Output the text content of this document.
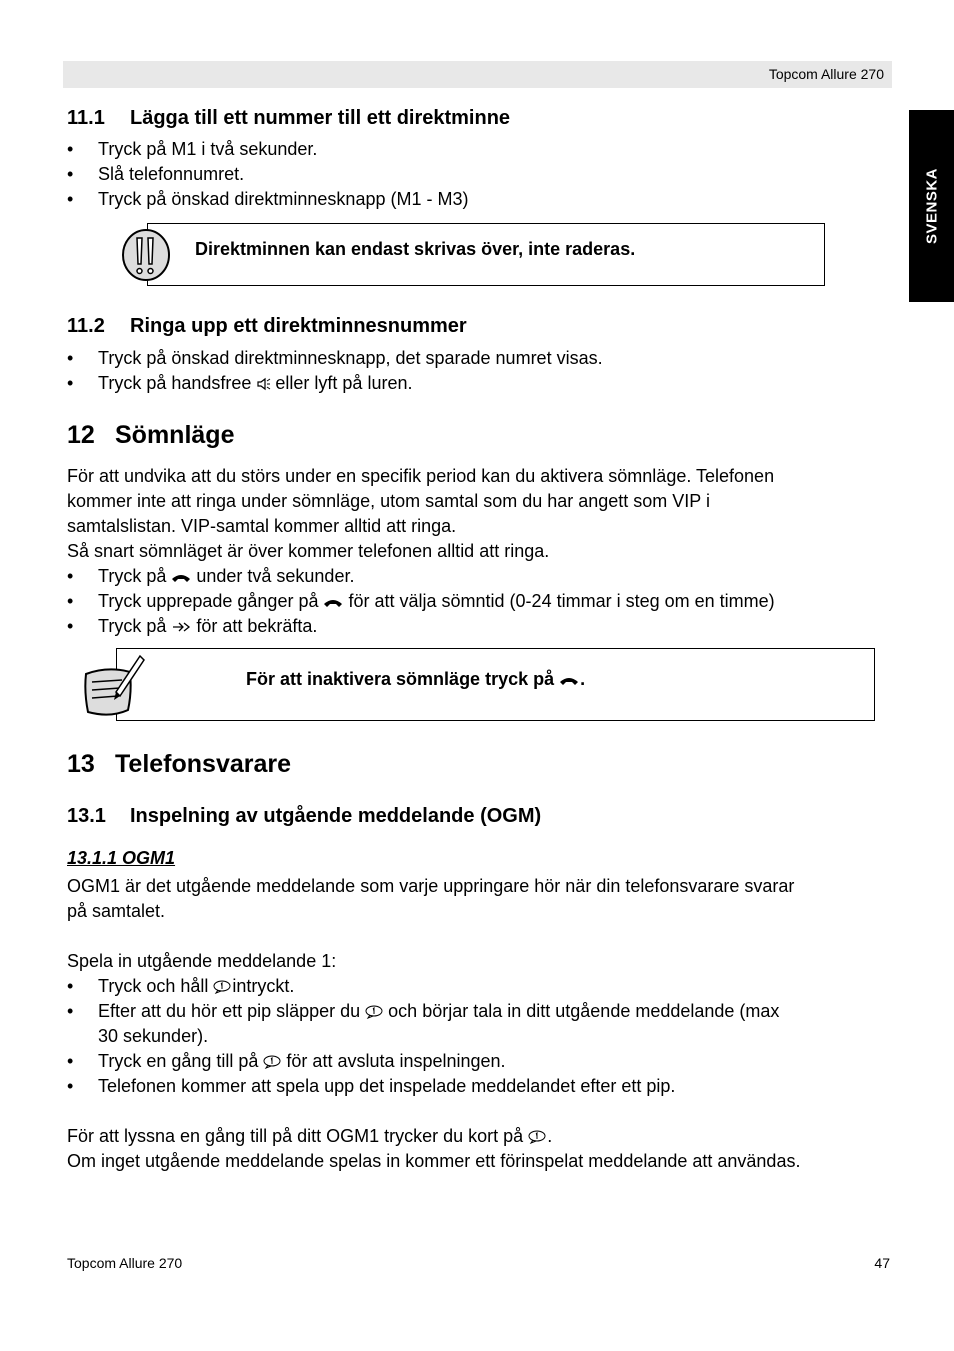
Topcom Allure 270
SVENSKA
11.1 Lägga till ett nummer till ett direktminne
• Tryck på M1 i två sekunder.
• Slå telefonnumret.
• Tryck på önskad direktminnesknapp (M1 - M3)
Direktminnen kan endast skrivas över, inte raderas.
11.2 Ringa upp ett direktminnesnummer
• Tryck på önskad direktminnesknapp, det sparade numret visas.
• Tryck på handsfree eller lyft på luren.
12 Sömnläge
För att undvika att du störs under en specifik period kan du aktivera sömnläge. Telefonen
kommer inte att ringa under sömnläge, utom samtal som du har angett som VIP i
samtalslistan. VIP-samtal kommer alltid att ringa.
Så snart sömnläget är över kommer telefonen alltid att ringa.
• Tryck på under två sekunder.
• Tryck upprepade gånger på för att välja sömntid (0-24 timmar i steg om en timme)
• Tryck på för att bekräfta.
För att inaktivera sömnläge tryck på .
13 Telefonsvarare
13.1 Inspelning av utgående meddelande (OGM)
13.1.1 OGM1
OGM1 är det utgående meddelande som varje uppringare hör när din telefonsvarare svarar
på samtalet.
Spela in utgående meddelande 1:
• Tryck och håll intryckt.
• Efter att du hör ett pip släpper du och börjar tala in ditt utgående meddelande (max
30 sekunder).
• Tryck en gång till på för att avsluta inspelningen.
• Telefonen kommer att spela upp det inspelade meddelandet efter ett pip.
För att lyssna en gång till på ditt OGM1 trycker du kort på .
Om inget utgående meddelande spelas in kommer ett förinspelat meddelande att användas.
Topcom Allure 270	47
